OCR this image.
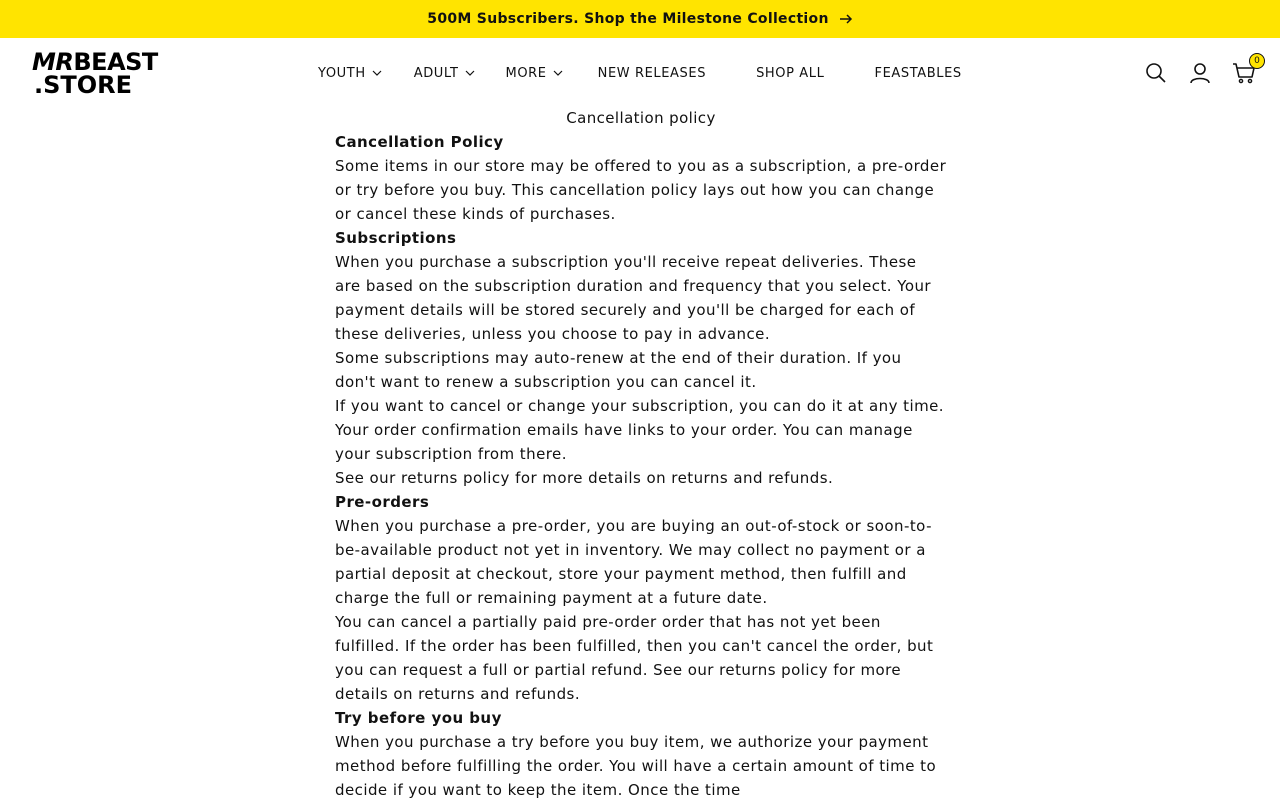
500M Subscribers. Shop the Milestone Collection
MRBEAST
.STORE	YOUTH	ADULT	MORE	NEW RELEASES	SHOP ALL	FEASTABLES
0
Cancellation policy
Cancellation Policy

Some items in our store may be offered to you as a subscription, a pre-order or try before you buy. This cancellation policy lays out how you can change or cancel these kinds of purchases.

Subscriptions

When you purchase a subscription you'll receive repeat deliveries. These are based on the subscription duration and frequency that you select. Your payment details will be stored securely and you'll be charged for each of these deliveries, unless you choose to pay in advance.

Some subscriptions may auto-renew at the end of their duration. If you don't want to renew a subscription you can cancel it.

If you want to cancel or change your subscription, you can do it at any time. Your order confirmation emails have links to your order. You can manage your subscription from there.

See our returns policy for more details on returns and refunds.

Pre-orders

When you purchase a pre-order, you are buying an out-of-stock or soon-to-be-available product not yet in inventory. We may collect no payment or a partial deposit at checkout, store your payment method, then fulfill and charge the full or remaining payment at a future date.

You can cancel a partially paid pre-order order that has not yet been fulfilled. If the order has been fulfilled, then you can't cancel the order, but you can request a full or partial refund. See our returns policy for more details on returns and refunds.

Try before you buy

When you purchase a try before you buy item, we authorize your payment method before fulfilling the order. You will have a certain amount of time to decide if you want to keep the item. Once the time
